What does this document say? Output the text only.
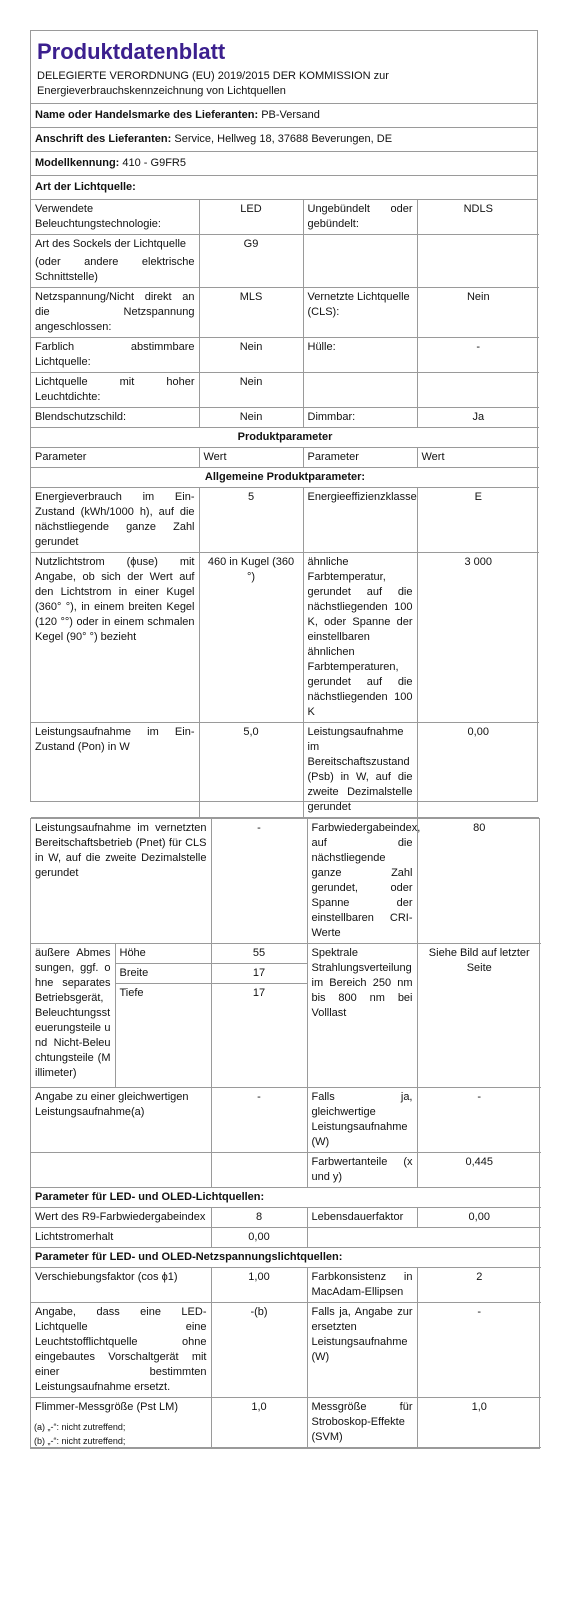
Produktdatenblatt
DELEGIERTE VERORDNUNG (EU) 2019/2015 DER KOMMISSION zur Energieverbrauchskennzeichnung von Lichtquellen
Name oder Handelsmarke des Lieferanten: PB-Versand
Anschrift des Lieferanten: Service, Hellweg 18, 37688 Beverungen, DE
Modellkennung: 410 - G9FR5
Art der Lichtquelle:
Verwendete Beleuchtungstechnologie:	LED	Ungebündelt oder gebündelt:	NDLS

Art des Sockels der Lichtquelle
(oder andere elektrische Schnittstelle)	G9		
Netzspannung/Nicht direkt an die Netzspannung angeschlossen:	MLS	Vernetzte Lichtquelle (CLS):	Nein
Farblich abstimmbare Lichtquelle:	Nein	Hülle:	-
Lichtquelle mit hoher Leuchtdichte:	Nein		
Blendschutzschild:	Nein	Dimmbar:	Ja
Produktparameter			
Parameter	Wert	Parameter	Wert
Allgemeine Produktparameter:			
Energieverbrauch im Ein-Zustand (kWh/1000 h), auf die nächstliegende ganze Zahl gerundet	5	Energieeffizienzklasse	E
Nutzlichtstrom (ϕuse) mit Angabe, ob sich der Wert auf den Lichtstrom in einer Kugel (360° °), in einem breiten Kegel (120 °°) oder in einem schmalen Kegel (90° °) bezieht	460 in Kugel (360 °)	ähnliche Farbtemperatur, gerundet auf die nächstliegenden 100 K, oder Spanne der einstellbaren ähnlichen Farbtemperaturen, gerundet auf die nächstliegenden 100 K	3 000
Leistungsaufnahme im Ein-Zustand (Pon) in W	5,0	Leistungsaufnahme im Bereitschaftszustand (Psb) in W, auf die zweite Dezimalstelle gerundet	0,00
Leistungsaufnahme im vernetzten Bereitschaftsbetrieb (Pnet) für CLS in W, auf die zweite Dezimalstelle gerundet		-	Farbwiedergabeindex, auf die nächstliegende ganze Zahl gerundet, oder Spanne der einstellbaren CRI-Werte	80
äußere Abmessungen, ggf. ohne separates Betriebsgerät, Beleuchtungssteuerungsteile und Nicht-Beleuchtungsteile (Millimeter)	Höhe	55	Spektrale Strahlungsverteilung im Bereich 250 nm bis 800 nm bei Volllast	Siehe Bild auf letzter Seite
	Breite	17		
	Tiefe	17		
Angabe zu einer gleichwertigen Leistungsaufnahme(a)		-	Falls ja, gleichwertige Leistungsaufnahme (W)	-
			Farbwertanteile (x und y)	0,445
Parameter für LED- und OLED-Lichtquellen:				
Wert des R9-Farbwiedergabeindex		8	Lebensdauerfaktor	0,00
Lichtstromerhalt		0,00		
Parameter für LED- und OLED-Netzspannungslichtquellen:				
Verschiebungsfaktor (cos ϕ1)		1,00	Farbkonsistenz in MacAdam-Ellipsen	2
Angabe, dass eine LED-Lichtquelle eine Leuchtstofflichtquelle ohne eingebautes Vorschaltgerät mit einer bestimmten Leistungsaufnahme ersetzt.		-(b)	Falls ja, Angabe zur ersetzten Leistungsaufnahme (W)	-
Flimmer-Messgröße (Pst LM)		1,0	Messgröße für Stroboskop-Effekte (SVM)	1,0
(a) „-“: nicht zutreffend;
(b) „-“: nicht zutreffend;
